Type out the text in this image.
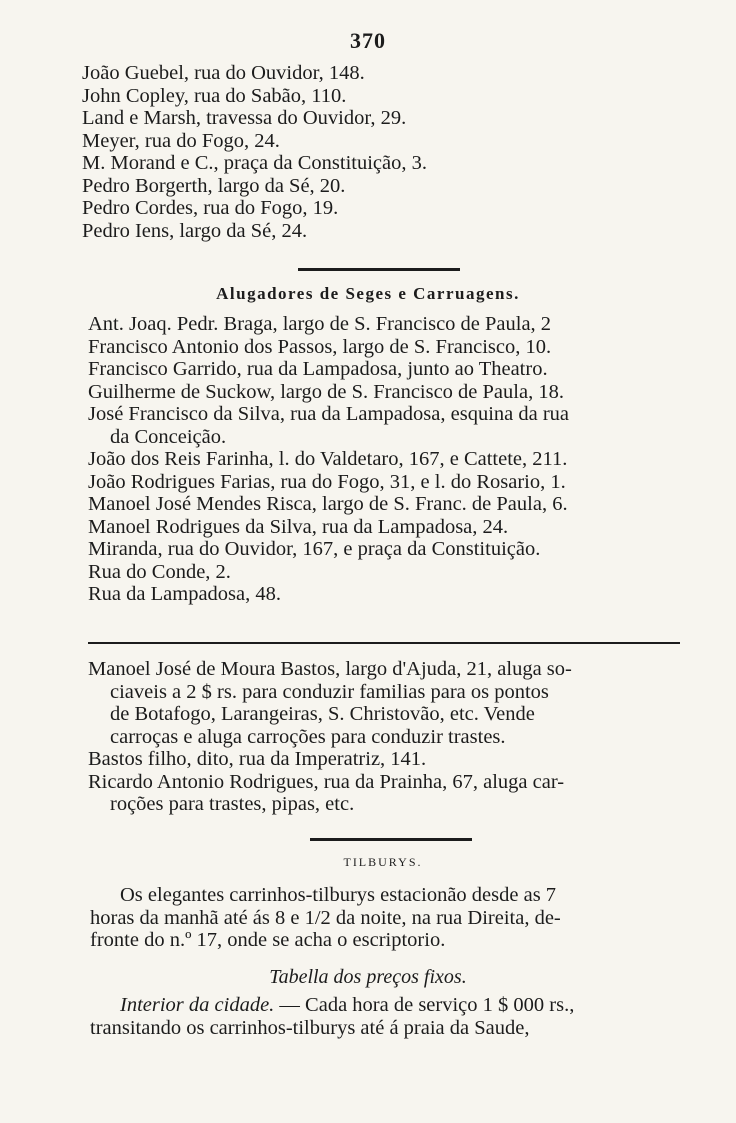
370
João Guebel, rua do Ouvidor, 148.
John Copley, rua do Sabão, 110.
Land e Marsh, travessa do Ouvidor, 29.
Meyer, rua do Fogo, 24.
M. Morand e C., praça da Constituição, 3.
Pedro Borgerth, largo da Sé, 20.
Pedro Cordes, rua do Fogo, 19.
Pedro Iens, largo da Sé, 24.
Alugadores de Seges e Carruagens.
Ant. Joaq. Pedr. Braga, largo de S. Francisco de Paula, 2
Francisco Antonio dos Passos, largo de S. Francisco, 10.
Francisco Garrido, rua da Lampadosa, junto ao Theatro.
Guilherme de Suckow, largo de S. Francisco de Paula, 18.
José Francisco da Silva, rua da Lampadosa, esquina da rua
da Conceição.
João dos Reis Farinha, l. do Valdetaro, 167, e Cattete, 211.
João Rodrigues Farias, rua do Fogo, 31, e l. do Rosario, 1.
Manoel José Mendes Risca, largo de S. Franc. de Paula, 6.
Manoel Rodrigues da Silva, rua da Lampadosa, 24.
Miranda, rua do Ouvidor, 167, e praça da Constituição.
Rua do Conde, 2.
Rua da Lampadosa, 48.
Manoel José de Moura Bastos, largo d'Ajuda, 21, aluga so-
ciaveis a 2 $ rs. para conduzir familias para os pontos
de Botafogo, Larangeiras, S. Christovão, etc. Vende
carroças e aluga carroções para conduzir trastes.
Bastos filho, dito, rua da Imperatriz, 141.
Ricardo Antonio Rodrigues, rua da Prainha, 67, aluga car-
roções para trastes, pipas, etc.
TILBURYS.
Os elegantes carrinhos-tilburys estacionão desde as 7
horas da manhã até ás 8 e 1/2 da noite, na rua Direita, de-
fronte do n.º 17, onde se acha o escriptorio.
Tabella dos preços fixos.
Interior da cidade. — Cada hora de serviço 1 $ 000 rs.,
transitando os carrinhos-tilburys até á praia da Saude,
